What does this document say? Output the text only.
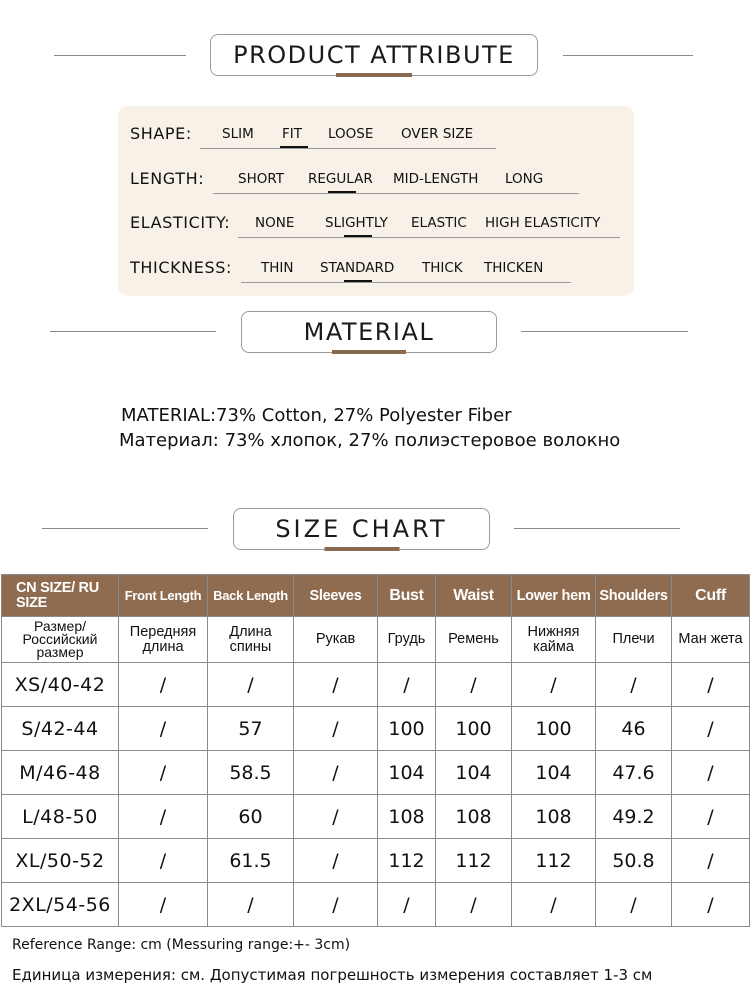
PRODUCT ATTRIBUTE
SHAPE: SLIM FIT LOOSE OVER SIZE
LENGTH:	SHORT REGULAR MID-LENGTH LONG
ELASTICITY: NONE SLIGHTLY ELASTIC HIGH ELASTICITY
THICKNESS: THIN STANDARD THICK THICKEN
MATERIAL
MATERIAL:73% Cotton, 27% Polyester Fiber
Материал: 73% хлопок, 27% полиэстеровое волокно
SIZE CHART
CN SIZE/ RU SIZE	Front Length	Back Length	Sleeves	Bust	Waist	Lower hem	Shoulders	Cuff
Размер/ Российский размер	Передняя длина	Длина спины	Рукав	Грудь	Ремень	Нижняя кайма	Плечи	Ман жета
XS/40-42	/	/	/	/	/	/	/	/
S/42-44	/	57	/	100	100	100	46	/
M/46-48	/	58.5	/	104	104	104	47.6	/
L/48-50	/	60	/	108	108	108	49.2	/
XL/50-52	/	61.5	/	112	112	112	50.8	/
2XL/54-56	/	/	/	/	/	/	/	/
Reference Range: cm (Messuring range:+- 3cm)
Единица измерения: см. Допустимая погрешность измерения составляет 1-3 см
